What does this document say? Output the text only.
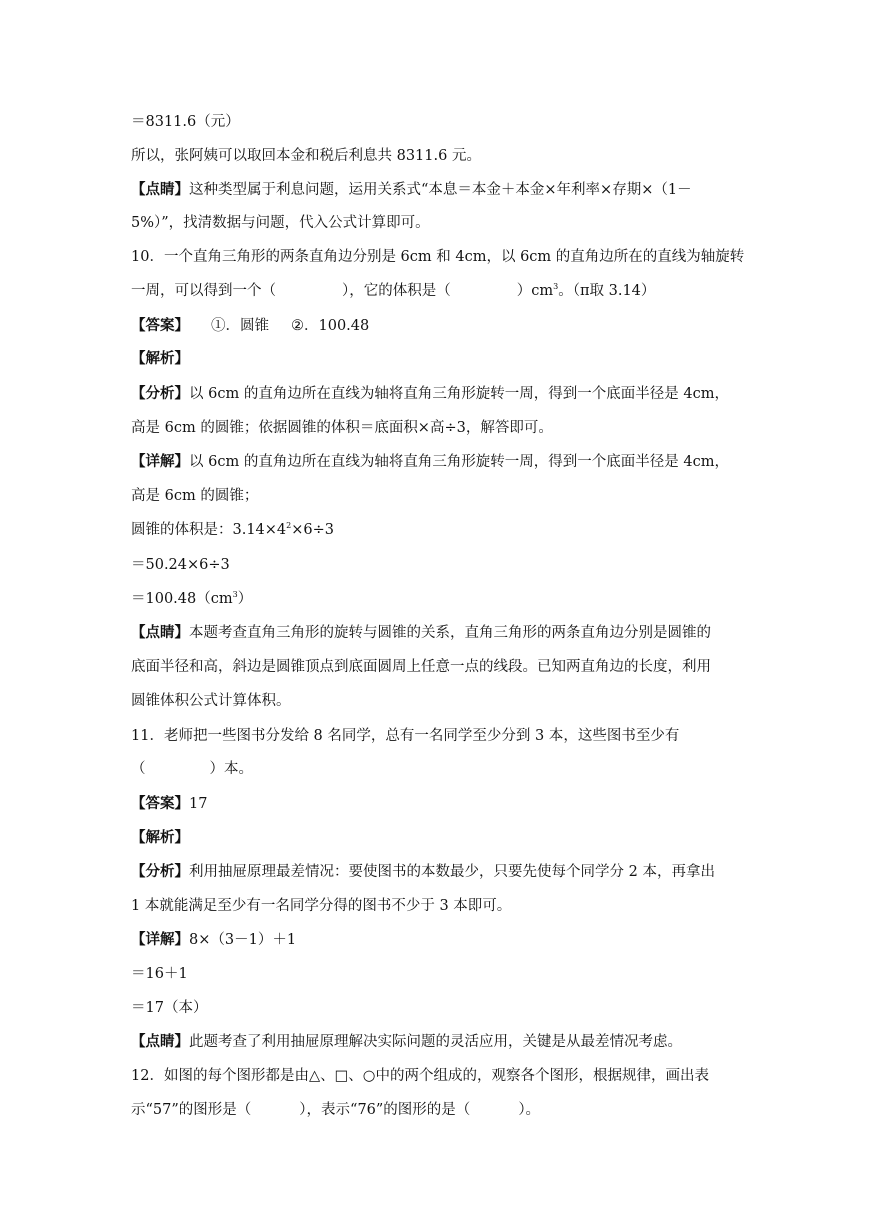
＝8311.6（元）
所以，张阿姨可以取回本金和税后利息共 8311.6 元。
【点睛】这种类型属于利息问题，运用关系式“本息＝本金＋本金×年利率×存期×（1－
5%）”，找清数据与问题，代入公式计算即可。
10．一个直角三角形的两条直角边分别是 6cm 和 4cm，以 6cm 的直角边所在的直线为轴旋转
一周，可以得到一个（	），它的体积是（	）$cm^3$。（π取 3.14）
【答案】 ①．圆锥 ②．100.48
【解析】
【分析】以 6cm 的直角边所在直线为轴将直角三角形旋转一周，得到一个底面半径是 4cm，
高是 6cm 的圆锥；依据圆锥的体积＝底面积×高÷3，解答即可。
【详解】以 6cm 的直角边所在直线为轴将直角三角形旋转一周，得到一个底面半径是 4cm，
高是 6cm 的圆锥；
圆锥的体积是：$3.14\times 4^2\times 6\div 3$
＝50.24×6÷3
$=100.48(cm^3)$
【点睛】本题考查直角三角形的旋转与圆锥的关系，直角三角形的两条直角边分别是圆锥的
底面半径和高，斜边是圆锥顶点到底面圆周上任意一点的线段。已知两直角边的长度，利用
圆锥体积公式计算体积。
11．老师把一些图书分发给 8 名同学，总有一名同学至少分到 3 本，这些图书至少有
（	）本。
【答案】17
【解析】
【分析】利用抽屉原理最差情况：要使图书的本数最少，只要先使每个同学分 2 本，再拿出
1 本就能满足至少有一名同学分得的图书不少于 3 本即可。
【详解】8×（3－1）＋1
＝16＋1
＝17（本）
【点睛】此题考查了利用抽屉原理解决实际问题的灵活应用，关键是从最差情况考虑。
12．如图的每个图形都是由△、□、○中的两个组成的，观察各个图形，根据规律，画出表
示“57”的图形是（	），表示“76”的图形的是（	）。
